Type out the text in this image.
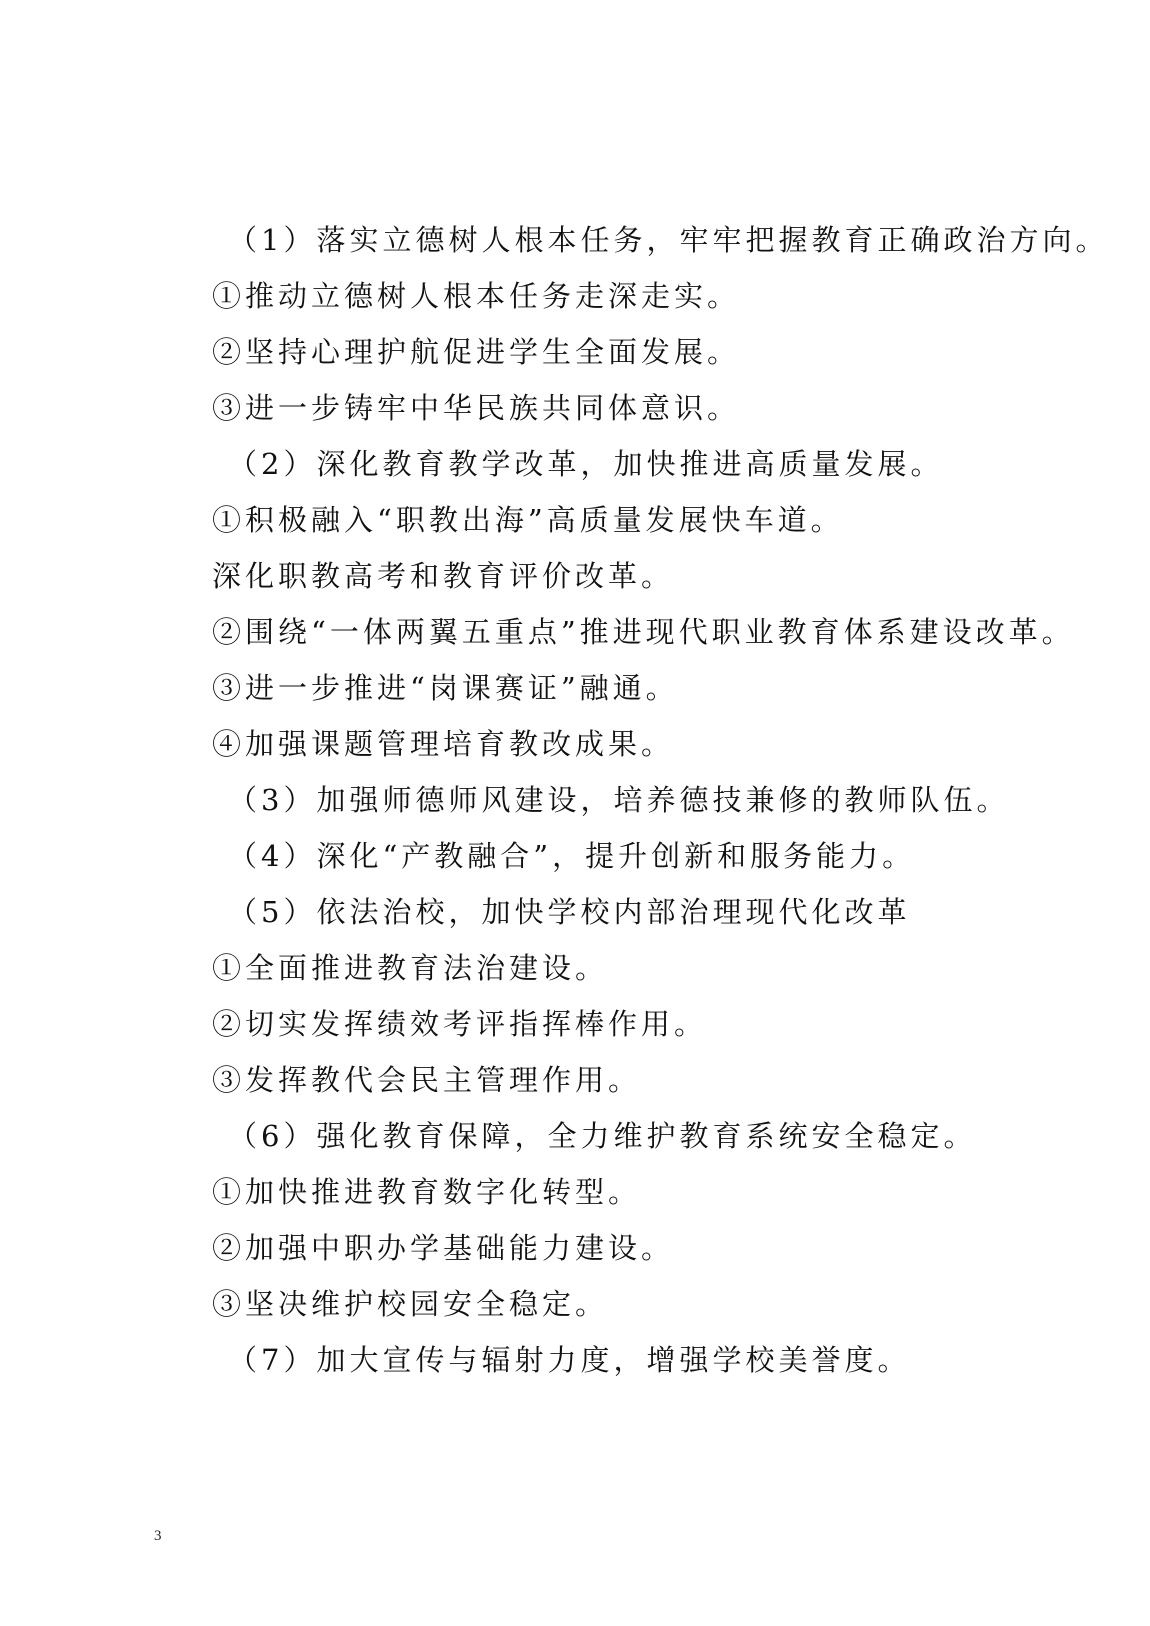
（1）落实立德树人根本任务，牢牢把握教育正确政治方向。
①推动立德树人根本任务走深走实。
②坚持心理护航促进学生全面发展。
③进一步铸牢中华民族共同体意识。
（2）深化教育教学改革，加快推进高质量发展。
①积极融入“职教出海”高质量发展快车道。
深化职教高考和教育评价改革。
②围绕“一体两翼五重点”推进现代职业教育体系建设改革。
③进一步推进“岗课赛证”融通。
④加强课题管理培育教改成果。
（3）加强师德师风建设，培养德技兼修的教师队伍。
（4）深化“产教融合”，提升创新和服务能力。
（5）依法治校，加快学校内部治理现代化改革
①全面推进教育法治建设。
②切实发挥绩效考评指挥棒作用。
③发挥教代会民主管理作用。
（6）强化教育保障，全力维护教育系统安全稳定。
①加快推进教育数字化转型。
②加强中职办学基础能力建设。
③坚决维护校园安全稳定。
（7）加大宣传与辐射力度，增强学校美誉度。
3
